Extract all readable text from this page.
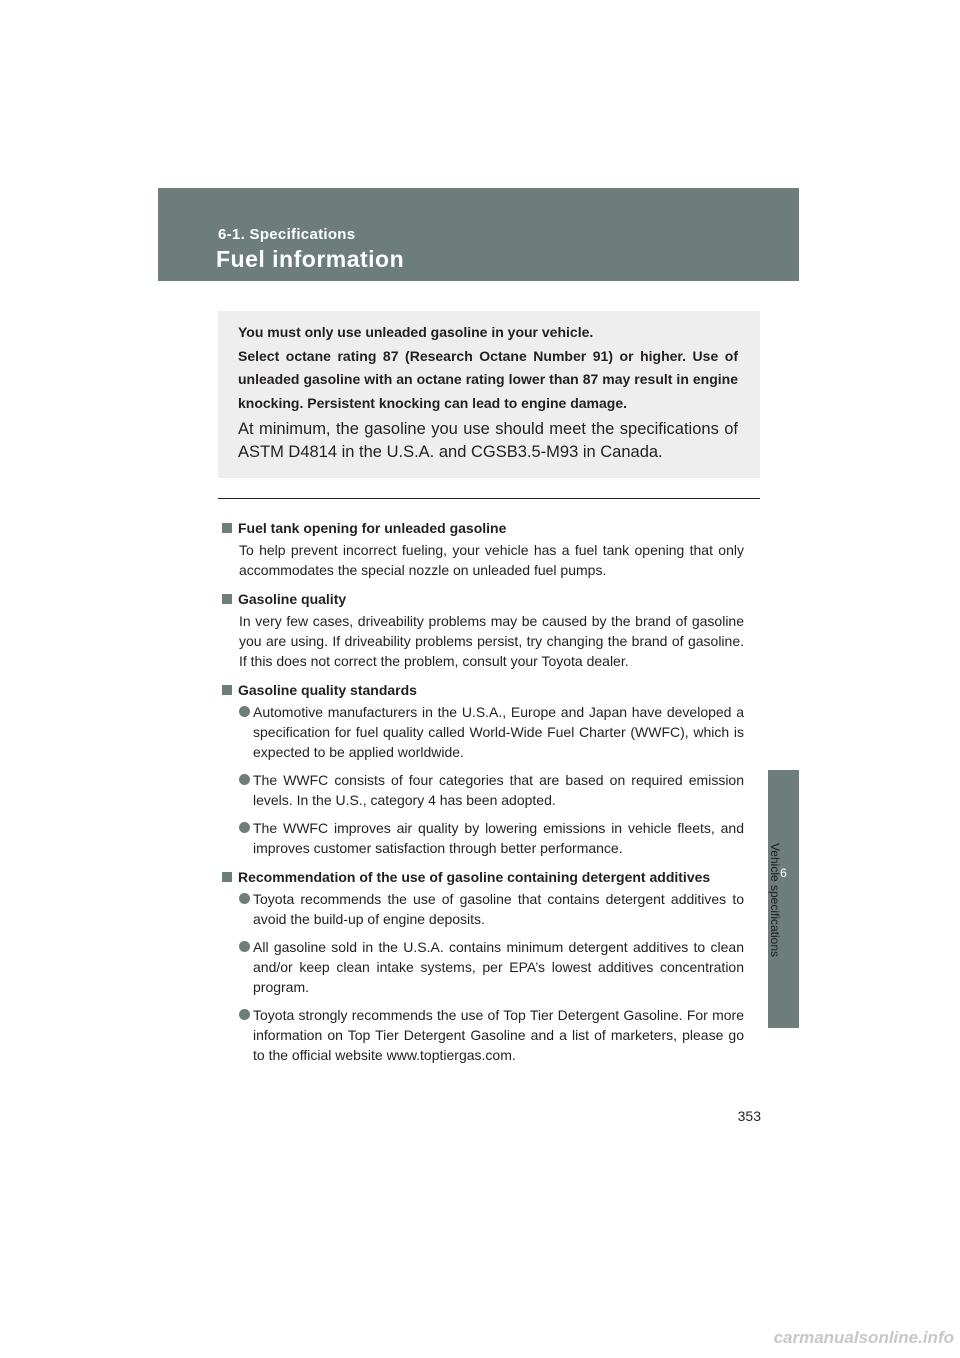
6-1. Specifications
Fuel information
6
Vehicle specifications
You must only use unleaded gasoline in your vehicle.
Select octane rating 87 (Research Octane Number 91) or higher. Use of unleaded gasoline with an octane rating lower than 87 may result in engine knocking. Persistent knocking can lead to engine damage.
At minimum, the gasoline you use should meet the specifications of ASTM D4814 in the U.S.A. and CGSB3.5-M93 in Canada.
Fuel tank opening for unleaded gasoline
To help prevent incorrect fueling, your vehicle has a fuel tank opening that only accommodates the special nozzle on unleaded fuel pumps.
Gasoline quality
In very few cases, driveability problems may be caused by the brand of gasoline you are using. If driveability problems persist, try changing the brand of gasoline. If this does not correct the problem, consult your Toyota dealer.
Gasoline quality standards
Automotive manufacturers in the U.S.A., Europe and Japan have developed a specification for fuel quality called World-Wide Fuel Charter (WWFC), which is expected to be applied worldwide.
The WWFC consists of four categories that are based on required emission levels. In the U.S., category 4 has been adopted.
The WWFC improves air quality by lowering emissions in vehicle fleets, and improves customer satisfaction through better performance.
Recommendation of the use of gasoline containing detergent additives
Toyota recommends the use of gasoline that contains detergent additives to avoid the build-up of engine deposits.
All gasoline sold in the U.S.A. contains minimum detergent additives to clean and/or keep clean intake systems, per EPA’s lowest additives concentration program.
Toyota strongly recommends the use of Top Tier Detergent Gasoline. For more information on Top Tier Detergent Gasoline and a list of marketers, please go to the official website www.toptiergas.com.
353
carmanualsonline.info
